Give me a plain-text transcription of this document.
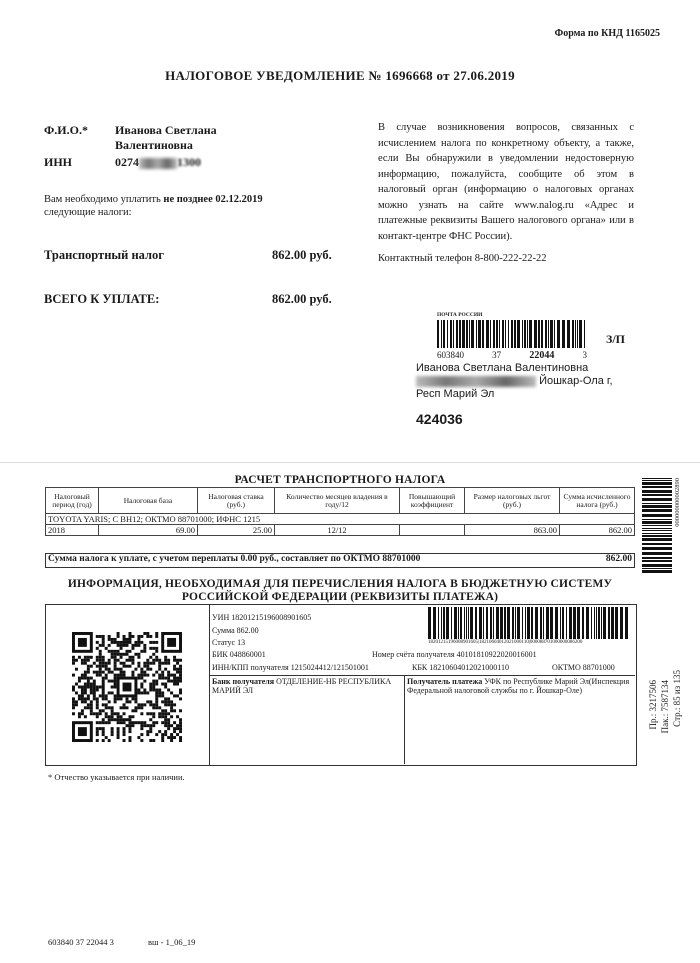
Форма по КНД 1165025
НАЛОГОВОЕ УВЕДОМЛЕНИЕ № 1696668 от 27.06.2019
Ф.И.О.* Иванова Светлана
Валентиновна
ИНН	0274	1300
Вам необходимо уплатить не позднее 02.12.2019
следующие налоги:
Транспортный налог	862.00 руб.
ВСЕГО К УПЛАТЕ:	862.00 руб.
В случае возникновения вопросов, связанных с исчислением налога по конкретному объекту, а также, если Вы обнаружили в уведомлении недостоверную информацию, пожалуйста, сообщите об этом в налоговый орган (информацию о налоговых органах можно узнать на сайте www.nalog.ru «Адрес и платежные реквизиты Вашего налогового органа» или в контакт-центре ФНС России).
Контактный телефон 8-800-222-22-22
ПОЧТА РОССИИ
603840	37	22044	3
З/П
Иванова Светлана Валентиновна
Йошкар-Ола г,
Респ Марий Эл
424036
РАСЧЕТ ТРАНСПОРТНОГО НАЛОГА
Налоговый период (год)	Налоговая база	Налоговая ставка (руб.)	Количество месяцев владения в году/12	Повышающий коэффициент	Размер налоговых льгот (руб.)	Сумма исчисленного налога (руб.)
TOYOTA YARIS; С ВН12; ОКТМО 88701000; ИФНС 1215						
2018	69.00	25.00	12/12		863.00	862.00
Сумма налога к уплате, с учетом переплаты 0.00 руб., составляет по ОКТМО 88701000	862.00
ИНФОРМАЦИЯ, НЕОБХОДИМАЯ ДЛЯ ПЕРЕЧИСЛЕНИЯ НАЛОГА В БЮДЖЕТНУЮ СИСТЕМУ
РОССИЙСКОЙ ФЕДЕРАЦИИ (РЕКВИЗИТЫ ПЛАТЕЖА)
УИН 18201215196008901605
Сумма 862.00
Статус 13
БИК 048860001	Номер счёта получателя 40101810922020016001
ИНН/КПП получателя 1215024412/121501001	КБК 18210604012021000110	ОКТМО 88701000
18201215196008901605|18210604012021000110|000088701000000086200
Банк получателя ОТДЕЛЕНИЕ-НБ РЕСПУБЛИКА МАРИЙ ЭЛ
Получатель платежа УФК по Республике Марий Эл(Инспекция Федеральной налоговой службы по г. Йошкар-Оле)
* Отчество указывается при наличии.
000000000002890
Пр.: 3217506 Пак.: 7587134 Стр.: 85 из 135
603840 37 22044 3	вш - 1_06_19
